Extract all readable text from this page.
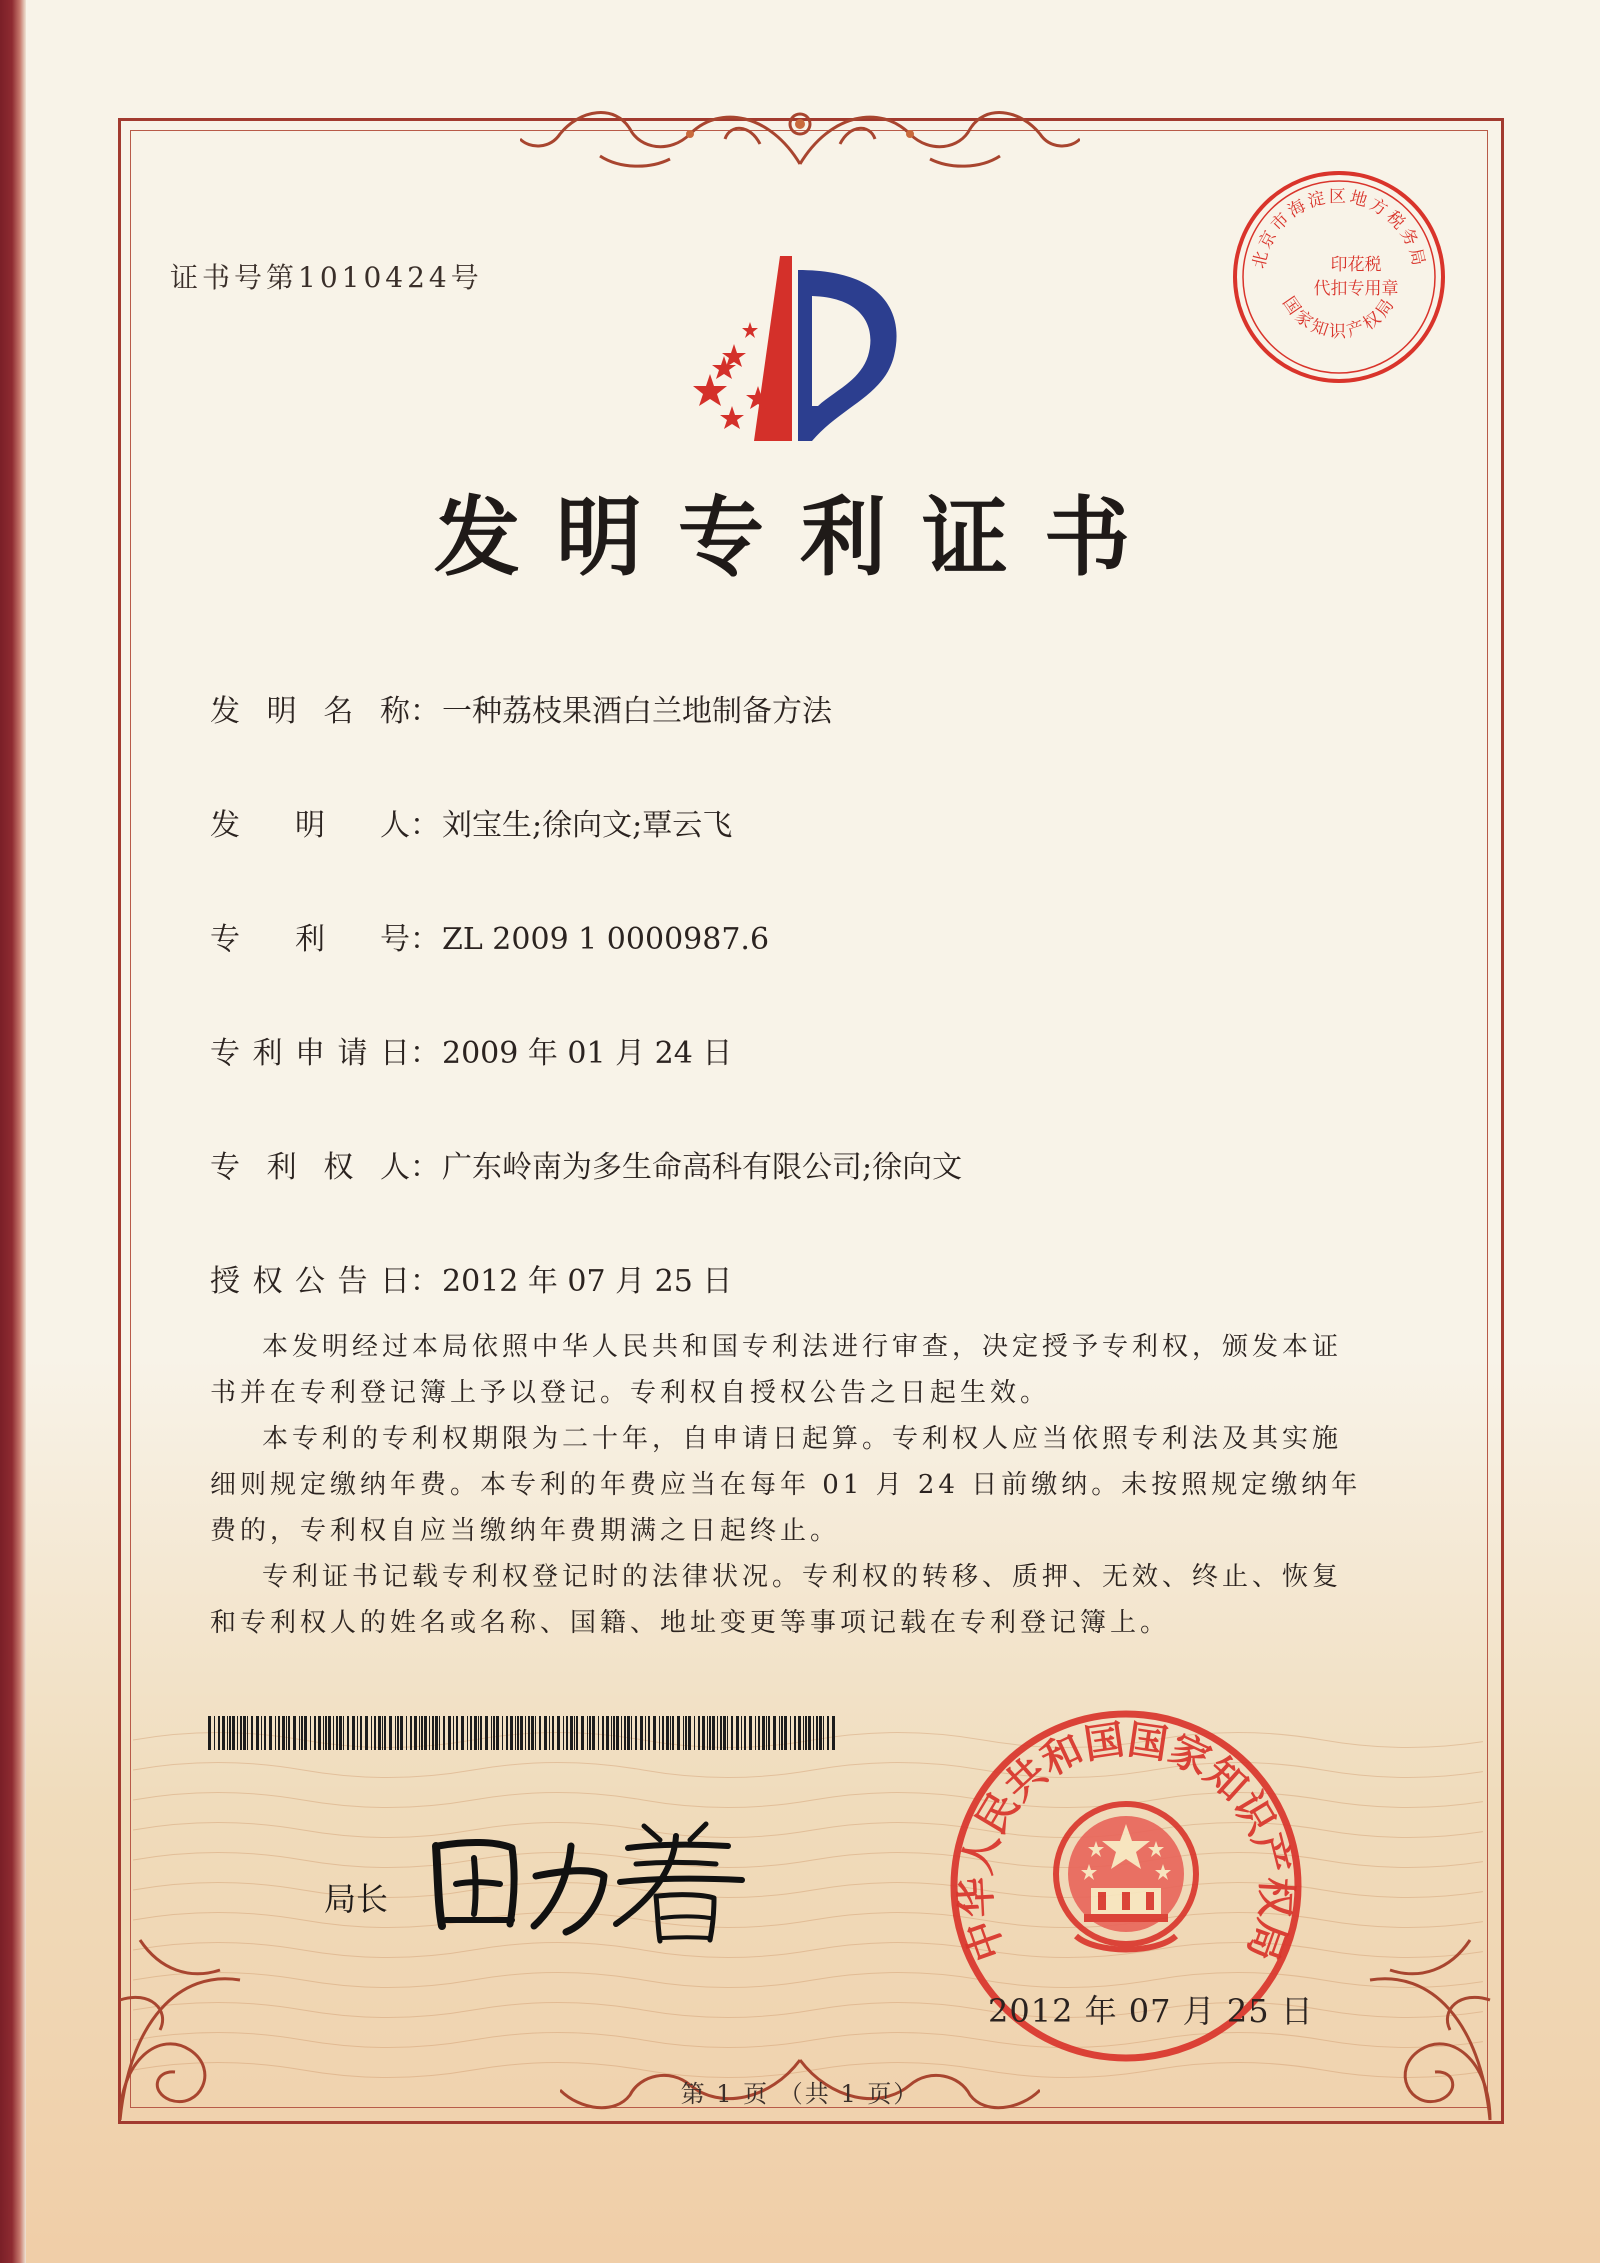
证书号第1010424号
北京市海淀区地方税务局
印花税
代扣专用章
国家知识产权局
发明专利证书
发明名称：一种荔枝果酒白兰地制备方法
发明人：刘宝生;徐向文;覃云飞
专利号：ZL 2009 1 0000987.6
专利申请日：2009 年 01 月 24 日
专利权人：广东岭南为多生命高科有限公司;徐向文
授权公告日：2012 年 07 月 25 日

本发明经过本局依照中华人民共和国专利法进行审查，决定授予专利权，颁发本证书并在专利登记簿上予以登记。专利权自授权公告之日起生效。

本专利的专利权期限为二十年，自申请日起算。专利权人应当依照专利法及其实施细则规定缴纳年费。本专利的年费应当在每年 01 月 24 日前缴纳。未按照规定缴纳年费的，专利权自应当缴纳年费期满之日起终止。

专利证书记载专利权登记时的法律状况。专利权的转移、质押、无效、终止、恢复和专利权人的姓名或名称、国籍、地址变更等事项记载在专利登记簿上。

局长
中华人民共和国国家知识产权局
2012 年 07 月 25 日
第 1 页 （共 1 页）
